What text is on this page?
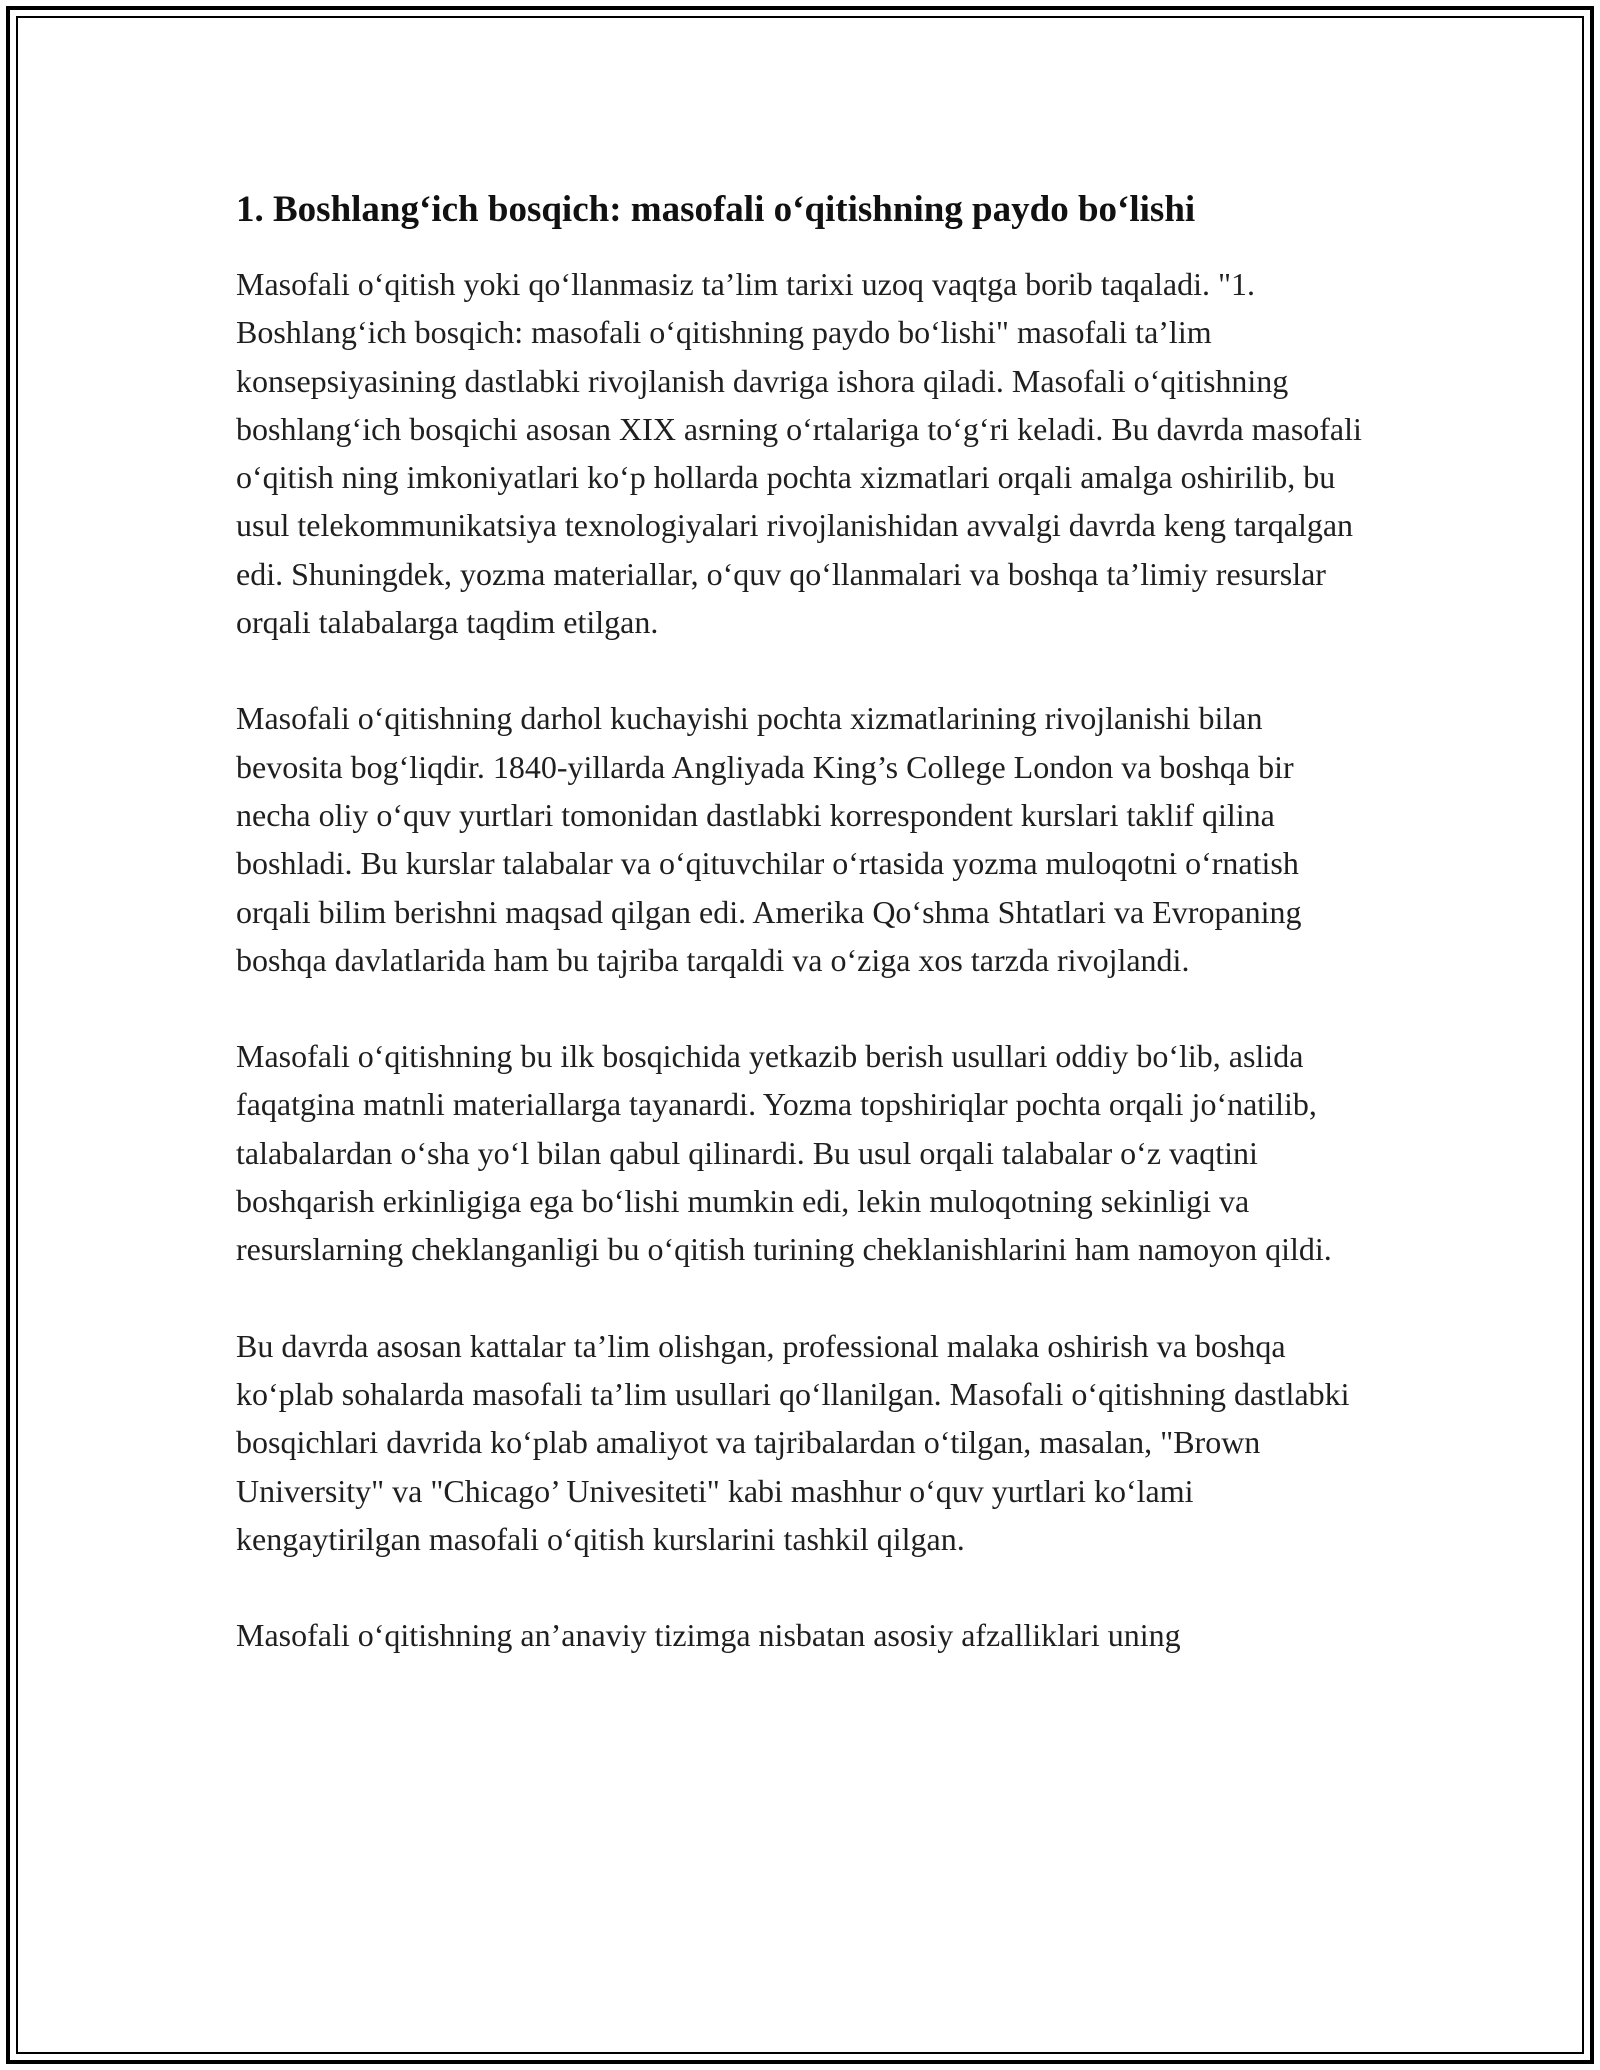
1. Boshlang‘ich bosqich: masofali o‘qitishning paydo bo‘lishi

Masofali o‘qitish yoki qo‘llanmasiz ta’lim tarixi uzoq vaqtga borib taqaladi. "1. Boshlang‘ich bosqich: masofali o‘qitishning paydo bo‘lishi" masofali ta’lim konsepsiyasining dastlabki rivojlanish davriga ishora qiladi. Masofali o‘qitishning boshlang‘ich bosqichi asosan XIX asrning o‘rtalariga to‘g‘ri keladi. Bu davrda masofali o‘qitish ning imkoniyatlari ko‘p hollarda pochta xizmatlari orqali amalga oshirilib, bu usul telekommunikatsiya texnologiyalari rivojlanishidan avvalgi davrda keng tarqalgan edi. Shuningdek, yozma materiallar, o‘quv qo‘llanmalari va boshqa ta’limiy resurslar orqali talabalarga taqdim etilgan.

Masofali o‘qitishning darhol kuchayishi pochta xizmatlarining rivojlanishi bilan bevosita bog‘liqdir. 1840-yillarda Angliyada King’s College London va boshqa bir necha oliy o‘quv yurtlari tomonidan dastlabki korrespondent kurslari taklif qilina boshladi. Bu kurslar talabalar va o‘qituvchilar o‘rtasida yozma muloqotni o‘rnatish orqali bilim berishni maqsad qilgan edi. Amerika Qo‘shma Shtatlari va Evropaning boshqa davlatlarida ham bu tajriba tarqaldi va o‘ziga xos tarzda rivojlandi.

Masofali o‘qitishning bu ilk bosqichida yetkazib berish usullari oddiy bo‘lib, aslida faqatgina matnli materiallarga tayanardi. Yozma topshiriqlar pochta orqali jo‘natilib, talabalardan o‘sha yo‘l bilan qabul qilinardi. Bu usul orqali talabalar o‘z vaqtini boshqarish erkinligiga ega bo‘lishi mumkin edi, lekin muloqotning sekinligi va resurslarning cheklanganligi bu o‘qitish turining cheklanishlarini ham namoyon qildi.

Bu davrda asosan kattalar ta’lim olishgan, professional malaka oshirish va boshqa ko‘plab sohalarda masofali ta’lim usullari qo‘llanilgan. Masofali o‘qitishning dastlabki bosqichlari davrida ko‘plab amaliyot va tajribalardan o‘tilgan, masalan, "Brown University" va "Chicago’ Univesiteti" kabi mashhur o‘quv yurtlari ko‘lami kengaytirilgan masofali o‘qitish kurslarini tashkil qilgan.

Masofali o‘qitishning an’anaviy tizimga nisbatan asosiy afzalliklari uning
